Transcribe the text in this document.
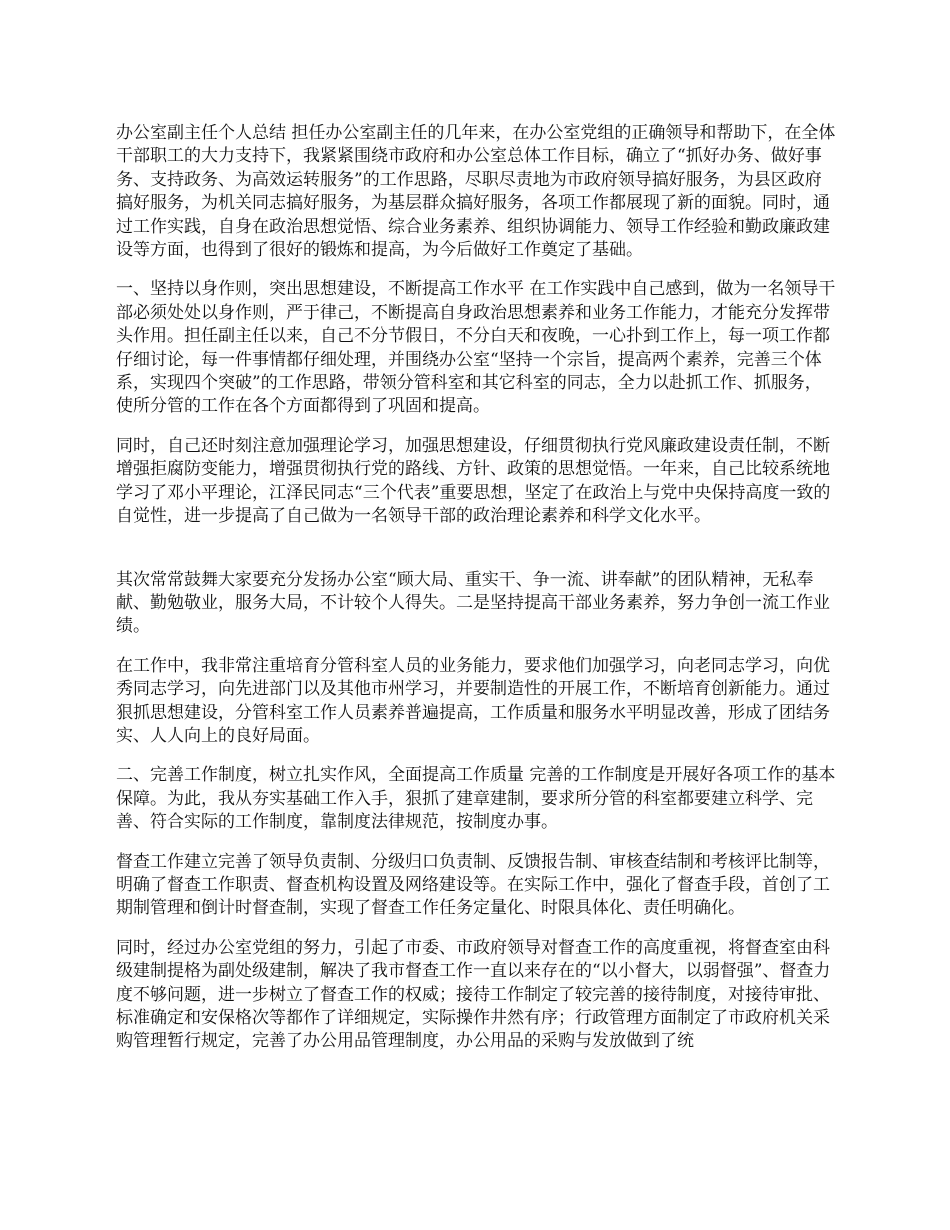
办公室副主任个人总结 担任办公室副主任的几年来，在办公室党组的正确领导和帮助下，在全体干部职工的大力支持下，我紧紧围绕市政府和办公室总体工作目标，确立了“抓好办务、做好事务、支持政务、为高效运转服务”的工作思路，尽职尽责地为市政府领导搞好服务，为县区政府搞好服务，为机关同志搞好服务，为基层群众搞好服务，各项工作都展现了新的面貌。同时，通过工作实践，自身在政治思想觉悟、综合业务素养、组织协调能力、领导工作经验和勤政廉政建设等方面，也得到了很好的锻炼和提高，为今后做好工作奠定了基础。

一、坚持以身作则，突出思想建设，不断提高工作水平 在工作实践中自己感到，做为一名领导干部必须处处以身作则，严于律己，不断提高自身政治思想素养和业务工作能力，才能充分发挥带头作用。担任副主任以来，自己不分节假日，不分白天和夜晚，一心扑到工作上，每一项工作都仔细讨论，每一件事情都仔细处理，并围绕办公室“坚持一个宗旨，提高两个素养，完善三个体系，实现四个突破”的工作思路，带领分管科室和其它科室的同志，全力以赴抓工作、抓服务，使所分管的工作在各个方面都得到了巩固和提高。

同时，自己还时刻注意加强理论学习，加强思想建设，仔细贯彻执行党风廉政建设责任制，不断增强拒腐防变能力，增强贯彻执行党的路线、方针、政策的思想觉悟。一年来，自己比较系统地学习了邓小平理论，江泽民同志“三个代表”重要思想，坚定了在政治上与党中央保持高度一致的自觉性，进一步提高了自己做为一名领导干部的政治理论素养和科学文化水平。

其次常常鼓舞大家要充分发扬办公室“顾大局、重实干、争一流、讲奉献”的团队精神，无私奉献、勤勉敬业，服务大局，不计较个人得失。二是坚持提高干部业务素养，努力争创一流工作业绩。

在工作中，我非常注重培育分管科室人员的业务能力，要求他们加强学习，向老同志学习，向优秀同志学习，向先进部门以及其他市州学习，并要制造性的开展工作，不断培育创新能力。通过狠抓思想建设，分管科室工作人员素养普遍提高，工作质量和服务水平明显改善，形成了团结务实、人人向上的良好局面。

二、完善工作制度，树立扎实作风，全面提高工作质量 完善的工作制度是开展好各项工作的基本保障。为此，我从夯实基础工作入手，狠抓了建章建制，要求所分管的科室都要建立科学、完善、符合实际的工作制度，靠制度法律规范，按制度办事。

督查工作建立完善了领导负责制、分级归口负责制、反馈报告制、审核查结制和考核评比制等，明确了督查工作职责、督查机构设置及网络建设等。在实际工作中，强化了督查手段，首创了工期制管理和倒计时督查制，实现了督查工作任务定量化、时限具体化、责任明确化。

同时，经过办公室党组的努力，引起了市委、市政府领导对督查工作的高度重视，将督查室由科级建制提格为副处级建制，解决了我市督查工作一直以来存在的“以小督大，以弱督强”、督查力度不够问题，进一步树立了督查工作的权威；接待工作制定了较完善的接待制度，对接待审批、标准确定和安保格次等都作了详细规定，实际操作井然有序；行政管理方面制定了市政府机关采购管理暂行规定，完善了办公用品管理制度，办公用品的采购与发放做到了统
